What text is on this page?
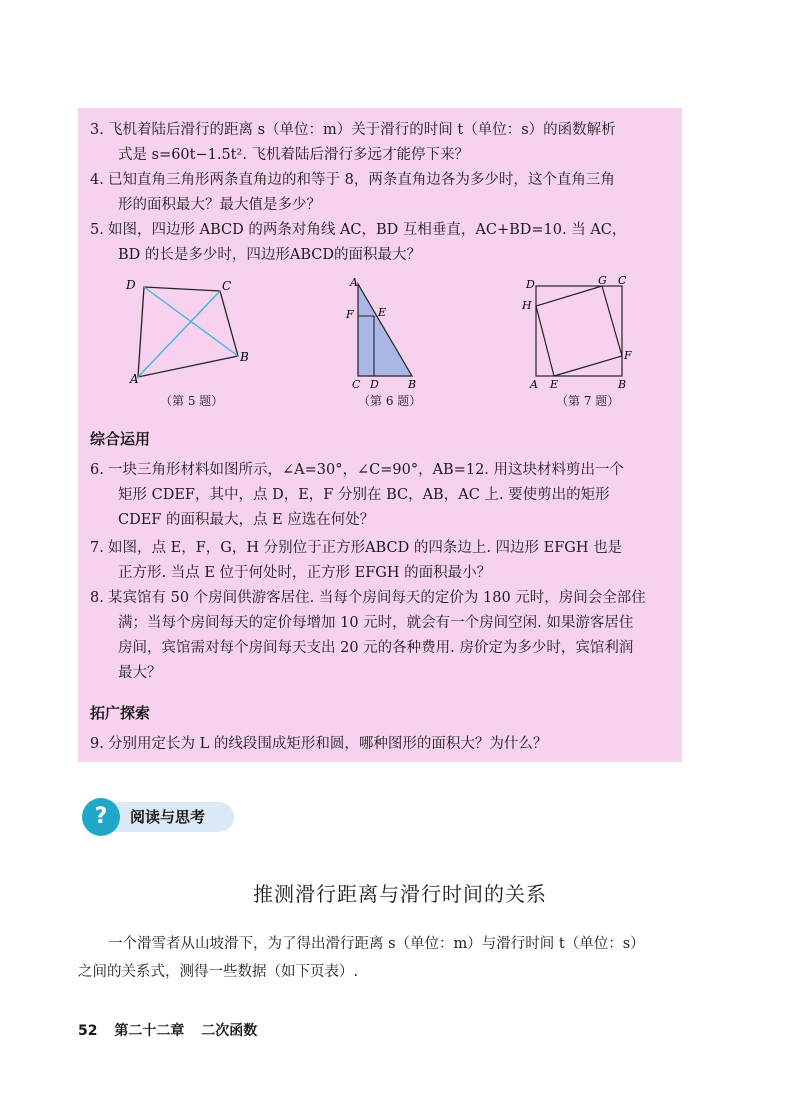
3. 飞机着陆后滑行的距离 s（单位：m）关于滑行的时间 t（单位：s）的函数解析
式是 s=60t−1.5t². 飞机着陆后滑行多远才能停下来？
4. 已知直角三角形两条直角边的和等于 8，两条直角边各为多少时，这个直角三角
形的面积最大？最大值是多少？
5. 如图，四边形 ABCD 的两条对角线 AC，BD 互相垂直，AC+BD=10. 当 AC，
BD 的长是多少时，四边形ABCD的面积最大？
D	C
B
A
（第 5 题）
A
F E
C D	B
（第 6 题）
D	G C
H
F
A E	B
（第 7 题）
综合运用
6. 一块三角形材料如图所示，∠A=30°，∠C=90°，AB=12. 用这块材料剪出一个
矩形 CDEF，其中，点 D，E，F 分别在 BC，AB，AC 上. 要使剪出的矩形
CDEF 的面积最大，点 E 应选在何处？
7. 如图，点 E，F，G，H 分别位于正方形ABCD 的四条边上. 四边形 EFGH 也是
正方形. 当点 E 位于何处时，正方形 EFGH 的面积最小？
8. 某宾馆有 50 个房间供游客居住. 当每个房间每天的定价为 180 元时，房间会全部住
满；当每个房间每天的定价每增加 10 元时，就会有一个房间空闲. 如果游客居住
房间，宾馆需对每个房间每天支出 20 元的各种费用. 房价定为多少时，宾馆利润
最大？
拓广探索
9. 分别用定长为 L 的线段围成矩形和圆，哪种图形的面积大？为什么？
?	阅读与思考
推测滑行距离与滑行时间的关系
一个滑雪者从山坡滑下，为了得出滑行距离 s（单位：m）与滑行时间 t（单位：s）
之间的关系式，测得一些数据（如下页表）.
52 第二十二章 二次函数
